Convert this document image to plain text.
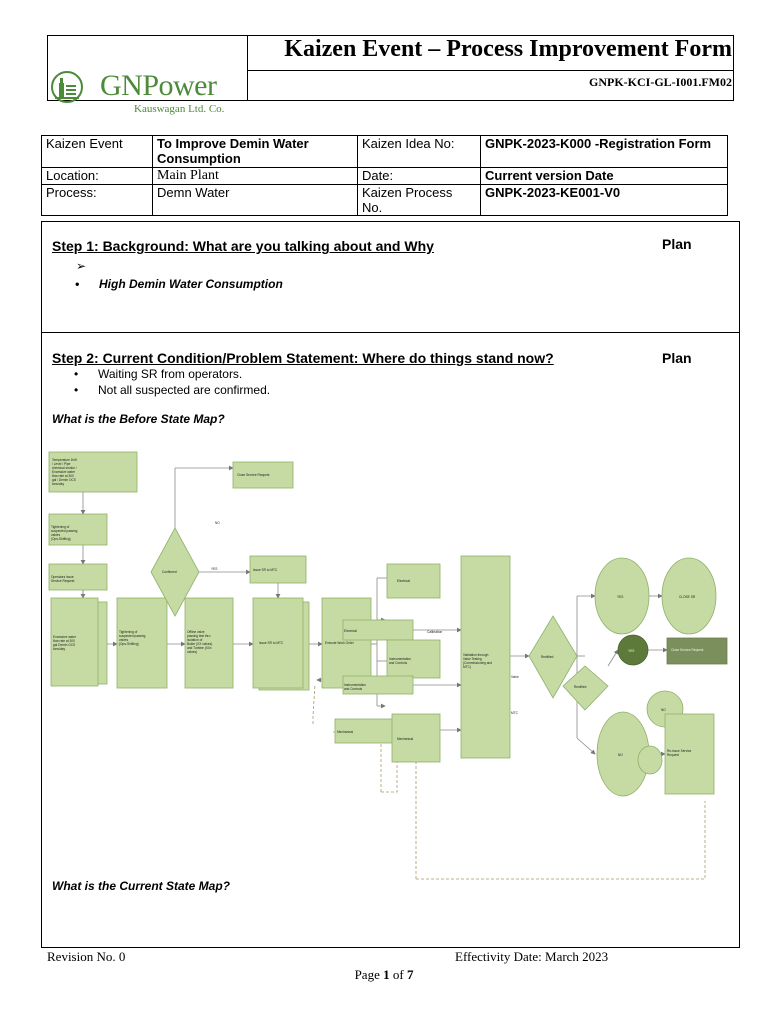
Kaizen Event – Process Improvement Form
GNPK-KCI-GL-I001.FM02
GNPower
Kauswagan Ltd. Co.
Kaizen Event	To Improve Demin Water Consumption	Kaizen Idea No:	GNPK-2023-K000 -Registration Form
Location:	Main Plant	Date:	Current version Date
Process:	Demn Water	Kaizen Process No.	GNPK-2023-KE001-V0
Step 1: Background: What are you talking about and Why	Plan
➢
• High Demin Water Consumption
Step 2: Current Condition/Problem Statement: Where do things stand now?	Plan
• Waiting SR from operators.
• Not all suspected are confirmed.
What is the Before State Map?
Temperature Drift / Level / Pipe chemical smoke / Excessive water flow rate at 300 gal / Demin OCS tons/day
Tightening of suspected passing valves (Ops-Shifting)
Operators Issue Service Request
Excessive water flow rate at 300 gal Demin OCS tons/day
Tightening of suspected passing valves (Ops-Shifting)
Offline valve passing test thru isolation of Boiler (XX valves) and Turbine (XXx valves)
Confirmed
Close Service Request
Issue SR to MTC
Issue SR to MTC	Execute Work Order
Electrical
Instrumentation and Controls
Mechanical
Validation through Valve Testing (Commissioning and MTC)
Rectified
Rectified
YES	CLOSE SR
YES	Close Service Request
NO
NO
Re-Issue Service Request
YES
NO
Electrical
Instrumentation and Controls
Mechanical
Calibration
Valve
MTC
What is the Current State Map?
Revision No. 0	Effectivity Date: March 2023
Page 1 of 7
